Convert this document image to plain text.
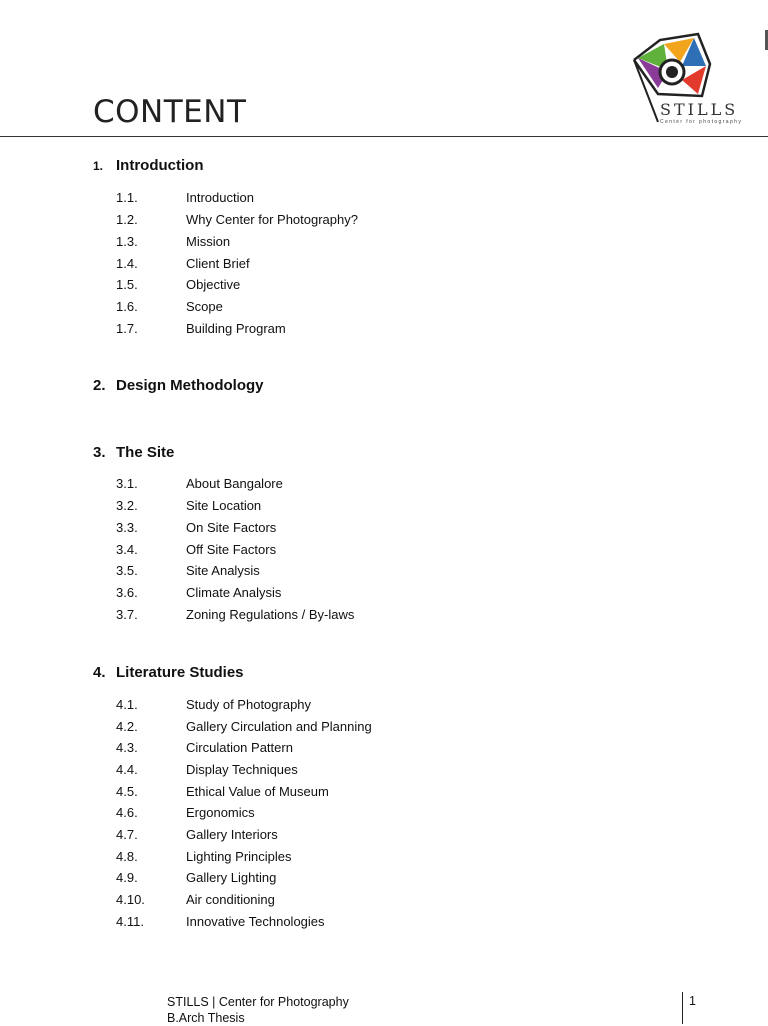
CONTENT	STILLS
Center for photography
1. Introduction
1.1.	Introduction
1.2.	Why Center for Photography?
1.3.	Mission
1.4.	Client Brief
1.5.	Objective
1.6.	Scope
1.7.	Building Program
2. Design Methodology
3. The Site
3.1.	About Bangalore
3.2.	Site Location
3.3.	On Site Factors
3.4.	Off Site Factors
3.5.	Site Analysis
3.6.	Climate Analysis
3.7.	Zoning Regulations / By-laws
4. Literature Studies
4.1.	Study of Photography
4.2.	Gallery Circulation and Planning
4.3.	Circulation Pattern
4.4.	Display Techniques
4.5.	Ethical Value of Museum
4.6.	Ergonomics
4.7.	Gallery Interiors
4.8.	Lighting Principles
4.9.	Gallery Lighting
4.10.	Air conditioning
4.11.	Innovative Technologies
STILLS | Center for Photography
B.Arch Thesis
1
